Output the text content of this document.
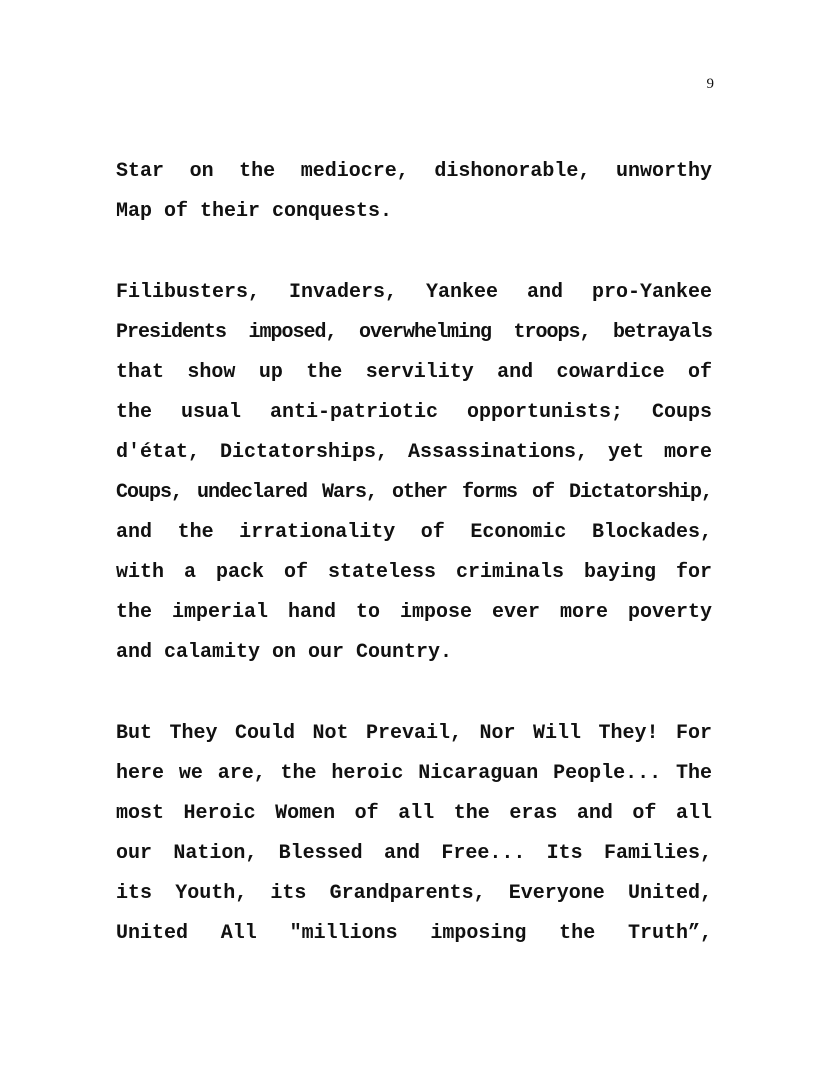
9
Star on the mediocre, dishonorable, unworthy
Map of their conquests.
Filibusters, Invaders, Yankee and pro-Yankee
Presidents imposed, overwhelming troops, betrayals
that show up the servility and cowardice of
the usual anti-patriotic opportunists; Coups
d'état, Dictatorships, Assassinations, yet more
Coups, undeclared Wars, other forms of Dictatorship,
and the irrationality of Economic Blockades,
with a pack of stateless criminals baying for
the imperial hand to impose ever more poverty
and calamity on our Country.
But They Could Not Prevail, Nor Will They! For
here we are, the heroic Nicaraguan People... The
most Heroic Women of all the eras and of all
our Nation, Blessed and Free... Its Families,
its Youth, its Grandparents, Everyone United,
United All "millions imposing the Truth”,
